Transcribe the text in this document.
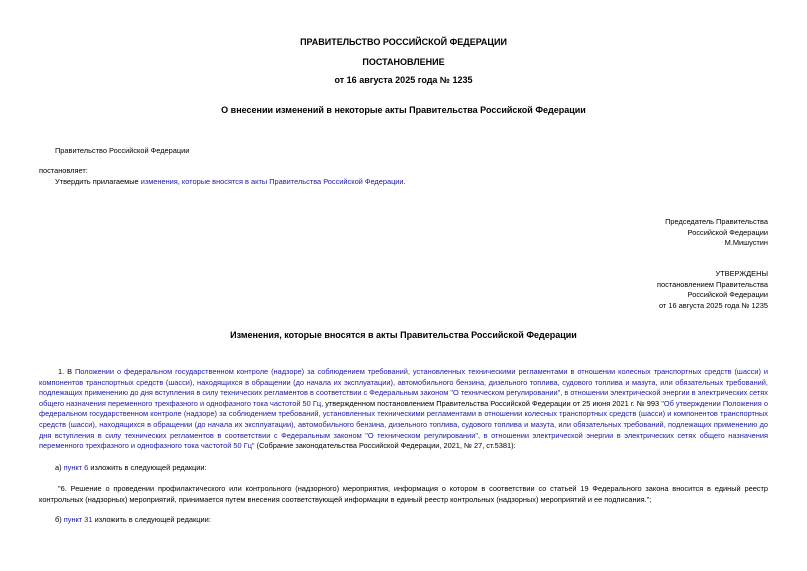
ПРАВИТЕЛЬСТВО РОССИЙСКОЙ ФЕДЕРАЦИИ
ПОСТАНОВЛЕНИЕ
от 16 августа 2025 года № 1235
О внесении изменений в некоторые акты Правительства Российской Федерации
Правительство Российской Федерации
постановляет:
Утвердить прилагаемые изменения, которые вносятся в акты Правительства Российской Федерации.
Председатель Правительства
Российской Федерации
М.Мишустин
УТВЕРЖДЕНЫ
постановлением Правительства
Российской Федерации
от 16 августа 2025 года № 1235
Изменения, которые вносятся в акты Правительства Российской Федерации
1. В Положении о федеральном государственном контроле (надзоре) за соблюдением требований, установленных техническими регламентами в отношении колесных транспортных средств (шасси) и компонентов транспортных средств (шасси), находящихся в обращении (до начала их эксплуатации), автомобильного бензина, дизельного топлива, судового топлива и мазута, или обязательных требований, подлежащих применению до дня вступления в силу технических регламентов в соответствии с Федеральным законом "О техническом регулировании", в отношении электрической энергии в электрических сетях общего назначения переменного трехфазного и однофазного тока частотой 50 Гц, утвержденном постановлением Правительства Российской Федерации от 25 июня 2021 г. № 993 "Об утверждении Положения о федеральном государственном контроле (надзоре) за соблюдением требований, установленных техническими регламентами в отношении колесных транспортных средств (шасси) и компонентов транспортных средств (шасси), находящихся в обращении (до начала их эксплуатации), автомобильного бензина, дизельного топлива, судового топлива и мазута, или обязательных требований, подлежащих применению до дня вступления в силу технических регламентов в соответствии с Федеральным законом "О техническом регулировании", в отношении электрической энергии в электрических сетях общего назначения переменного трехфазного и однофазного тока частотой 50 Гц" (Собрание законодательства Российской Федерации, 2021, № 27, ст.5381):
а) пункт 6 изложить в следующей редакции:
"6. Решение о проведении профилактического или контрольного (надзорного) мероприятия, информация о котором в соответствии со статьей 19 Федерального закона вносится в единый реестр контрольных (надзорных) мероприятий, принимается путем внесения соответствующей информации в единый реестр контрольных (надзорных) мероприятий и ее подписания.";
б) пункт 31 изложить в следующей редакции:
